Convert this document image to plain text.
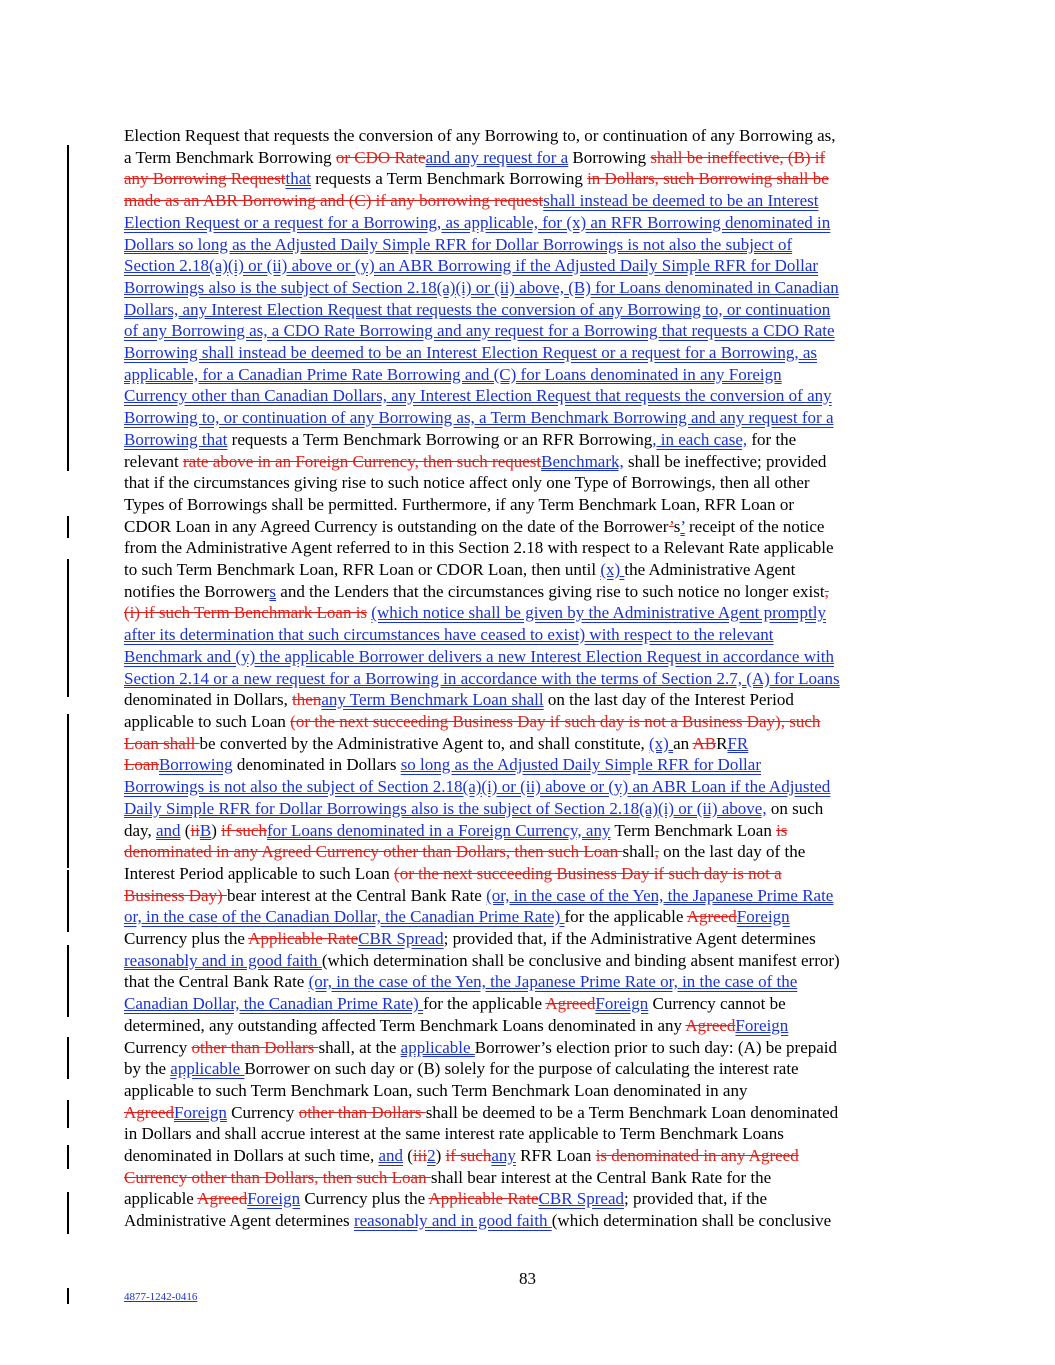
Election Request that requests the conversion of any Borrowing to, or continuation of any Borrowing as,
a Term Benchmark Borrowing or CDO Rateand any request for a Borrowing shall be ineffective, (B) if
any Borrowing Requestthat requests a Term Benchmark Borrowing in Dollars, such Borrowing shall be
made as an ABR Borrowing and (C) if any borrowing requestshall instead be deemed to be an Interest
Election Request or a request for a Borrowing, as applicable, for (x) an RFR Borrowing denominated in
Dollars so long as the Adjusted Daily Simple RFR for Dollar Borrowings is not also the subject of
Section 2.18(a)(i) or (ii) above or (y) an ABR Borrowing if the Adjusted Daily Simple RFR for Dollar
Borrowings also is the subject of Section 2.18(a)(i) or (ii) above, (B) for Loans denominated in Canadian
Dollars, any Interest Election Request that requests the conversion of any Borrowing to, or continuation
of any Borrowing as, a CDO Rate Borrowing and any request for a Borrowing that requests a CDO Rate
Borrowing shall instead be deemed to be an Interest Election Request or a request for a Borrowing, as
applicable, for a Canadian Prime Rate Borrowing and (C) for Loans denominated in any Foreign
Currency other than Canadian Dollars, any Interest Election Request that requests the conversion of any
Borrowing to, or continuation of any Borrowing as, a Term Benchmark Borrowing and any request for a
Borrowing that requests a Term Benchmark Borrowing or an RFR Borrowing, in each case, for the
relevant rate above in an Foreign Currency, then such requestBenchmark, shall be ineffective; provided
that if the circumstances giving rise to such notice affect only one Type of Borrowings, then all other
Types of Borrowings shall be permitted. Furthermore, if any Term Benchmark Loan, RFR Loan or
CDOR Loan in any Agreed Currency is outstanding on the date of the Borrower’s’ receipt of the notice
from the Administrative Agent referred to in this Section 2.18 with respect to a Relevant Rate applicable
to such Term Benchmark Loan, RFR Loan or CDOR Loan, then until (x) the Administrative Agent
notifies the Borrowers and the Lenders that the circumstances giving rise to such notice no longer exist,
(i) if such Term Benchmark Loan is (which notice shall be given by the Administrative Agent promptly
after its determination that such circumstances have ceased to exist) with respect to the relevant
Benchmark and (y) the applicable Borrower delivers a new Interest Election Request in accordance with
Section 2.14 or a new request for a Borrowing in accordance with the terms of Section 2.7, (A) for Loans
denominated in Dollars, thenany Term Benchmark Loan shall on the last day of the Interest Period
applicable to such Loan (or the next succeeding Business Day if such day is not a Business Day), such
Loan shall be converted by the Administrative Agent to, and shall constitute, (x) an ABRFR
LoanBorrowing denominated in Dollars so long as the Adjusted Daily Simple RFR for Dollar
Borrowings is not also the subject of Section 2.18(a)(i) or (ii) above or (y) an ABR Loan if the Adjusted
Daily Simple RFR for Dollar Borrowings also is the subject of Section 2.18(a)(i) or (ii) above, on such
day, and (iiB) if suchfor Loans denominated in a Foreign Currency, any Term Benchmark Loan is
denominated in any Agreed Currency other than Dollars, then such Loan shall, on the last day of the
Interest Period applicable to such Loan (or the next succeeding Business Day if such day is not a
Business Day) bear interest at the Central Bank Rate (or, in the case of the Yen, the Japanese Prime Rate
or, in the case of the Canadian Dollar, the Canadian Prime Rate) for the applicable AgreedForeign
Currency plus the Applicable RateCBR Spread; provided that, if the Administrative Agent determines
reasonably and in good faith (which determination shall be conclusive and binding absent manifest error)
that the Central Bank Rate (or, in the case of the Yen, the Japanese Prime Rate or, in the case of the
Canadian Dollar, the Canadian Prime Rate) for the applicable AgreedForeign Currency cannot be
determined, any outstanding affected Term Benchmark Loans denominated in any AgreedForeign
Currency other than Dollars shall, at the applicable Borrower’s election prior to such day: (A) be prepaid
by the applicable Borrower on such day or (B) solely for the purpose of calculating the interest rate
applicable to such Term Benchmark Loan, such Term Benchmark Loan denominated in any
AgreedForeign Currency other than Dollars shall be deemed to be a Term Benchmark Loan denominated
in Dollars and shall accrue interest at the same interest rate applicable to Term Benchmark Loans
denominated in Dollars at such time, and (iii2) if suchany RFR Loan is denominated in any Agreed
Currency other than Dollars, then such Loan shall bear interest at the Central Bank Rate for the
applicable AgreedForeign Currency plus the Applicable RateCBR Spread; provided that, if the
Administrative Agent determines reasonably and in good faith (which determination shall be conclusive
83
4877-1242-0416
